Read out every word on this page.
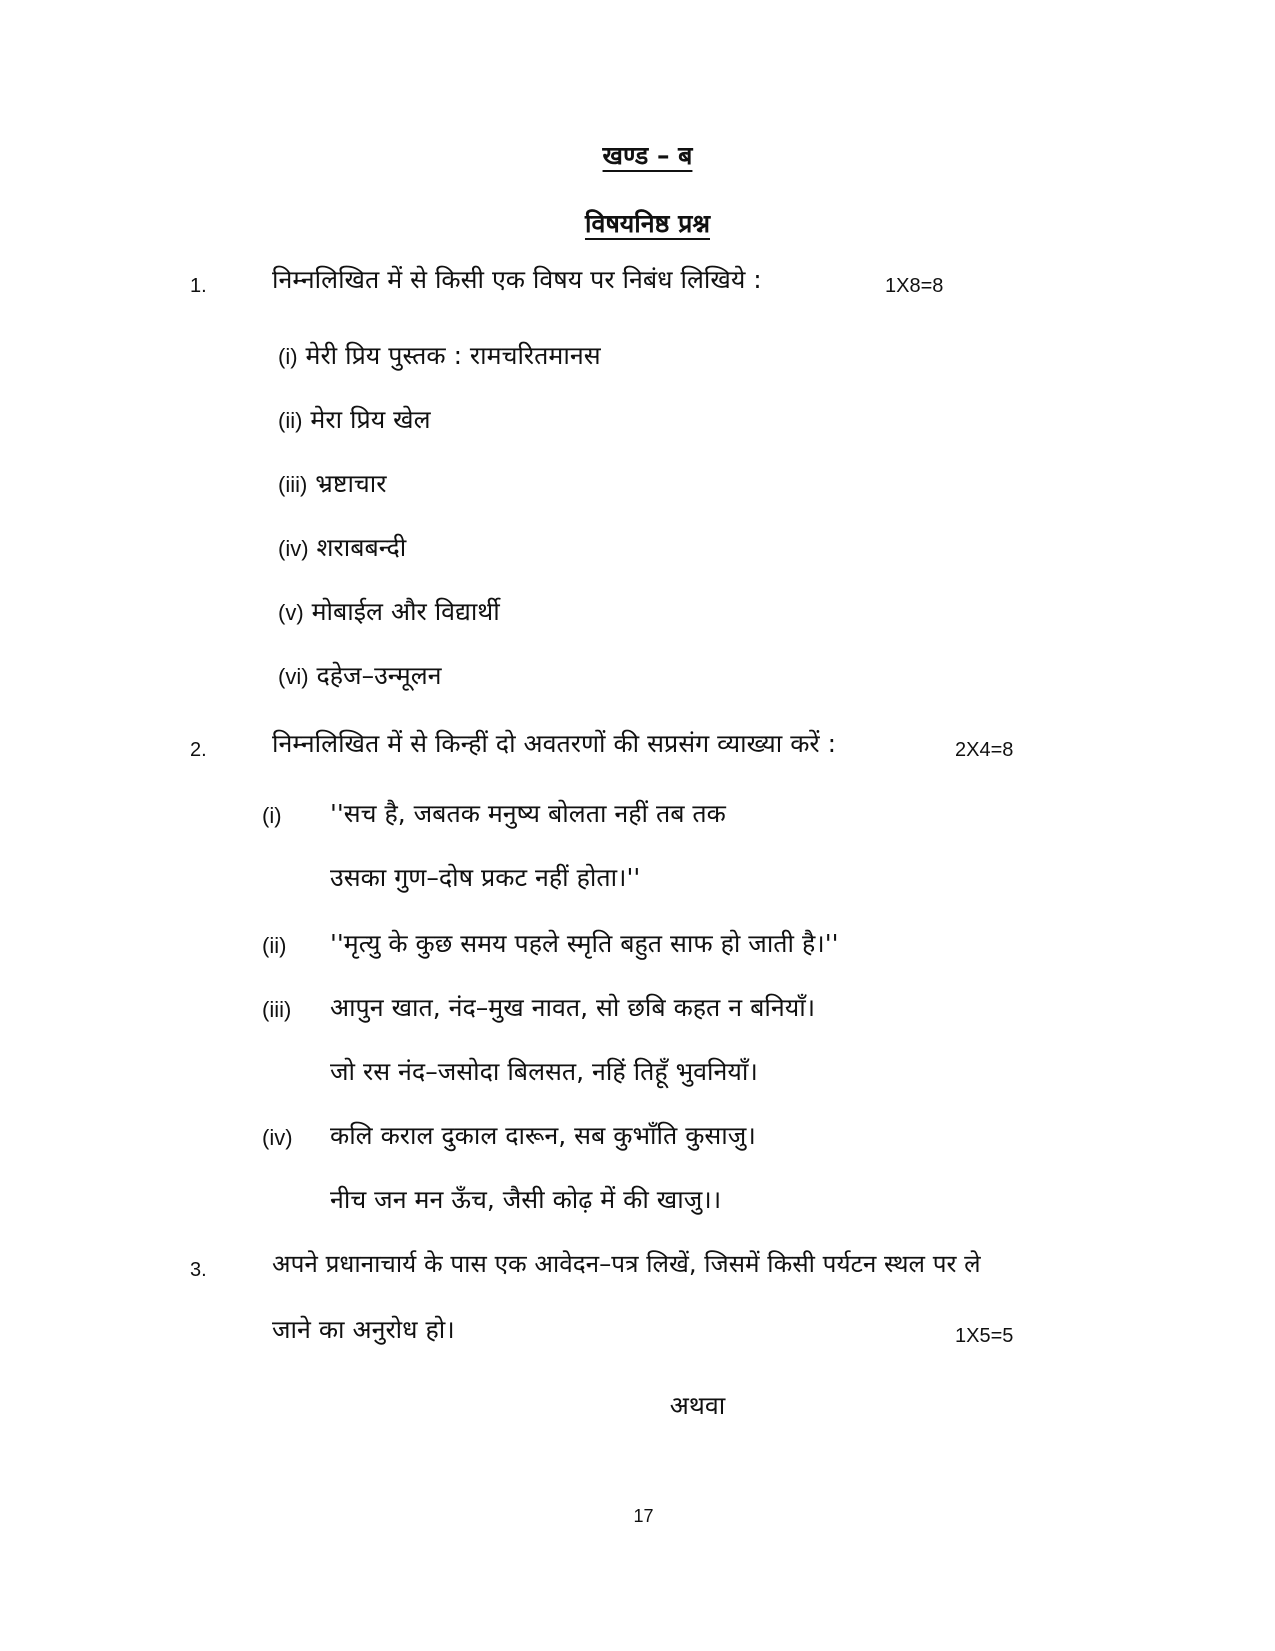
खण्ड – ब
विषयनिष्ठ प्रश्न
1.	निम्नलिखित में से किसी एक विषय पर निबंध लिखिये :	1X8=8
(i) मेरी प्रिय पुस्तक : रामचरितमानस
(ii) मेरा प्रिय खेल
(iii) भ्रष्टाचार
(iv) शराबबन्दी
(v) मोबाईल और विद्यार्थी
(vi) दहेज–उन्मूलन
2.	निम्नलिखित में से किन्हीं दो अवतरणों की सप्रसंग व्याख्या करें :	2X4=8
(i) ''सच है, जबतक मनुष्य बोलता नहीं तब तक
उसका गुण–दोष प्रकट नहीं होता।''
(ii) ''मृत्यु के कुछ समय पहले स्मृति बहुत साफ हो जाती है।''
(iii) आपुन खात, नंद–मुख नावत, सो छबि कहत न बनियाँ।
जो रस नंद–जसोदा बिलसत, नहिं तिहूँ भुवनियाँ।
(iv) कलि कराल दुकाल दारून, सब कुभाँति कुसाजु।
नीच जन मन ऊँच, जैसी कोढ़ में की खाजु।।
3.	अपने प्रधानाचार्य के पास एक आवेदन–पत्र लिखें, जिसमें किसी पर्यटन स्थल पर ले
जाने का अनुरोध हो।	1X5=5
अथवा
17
